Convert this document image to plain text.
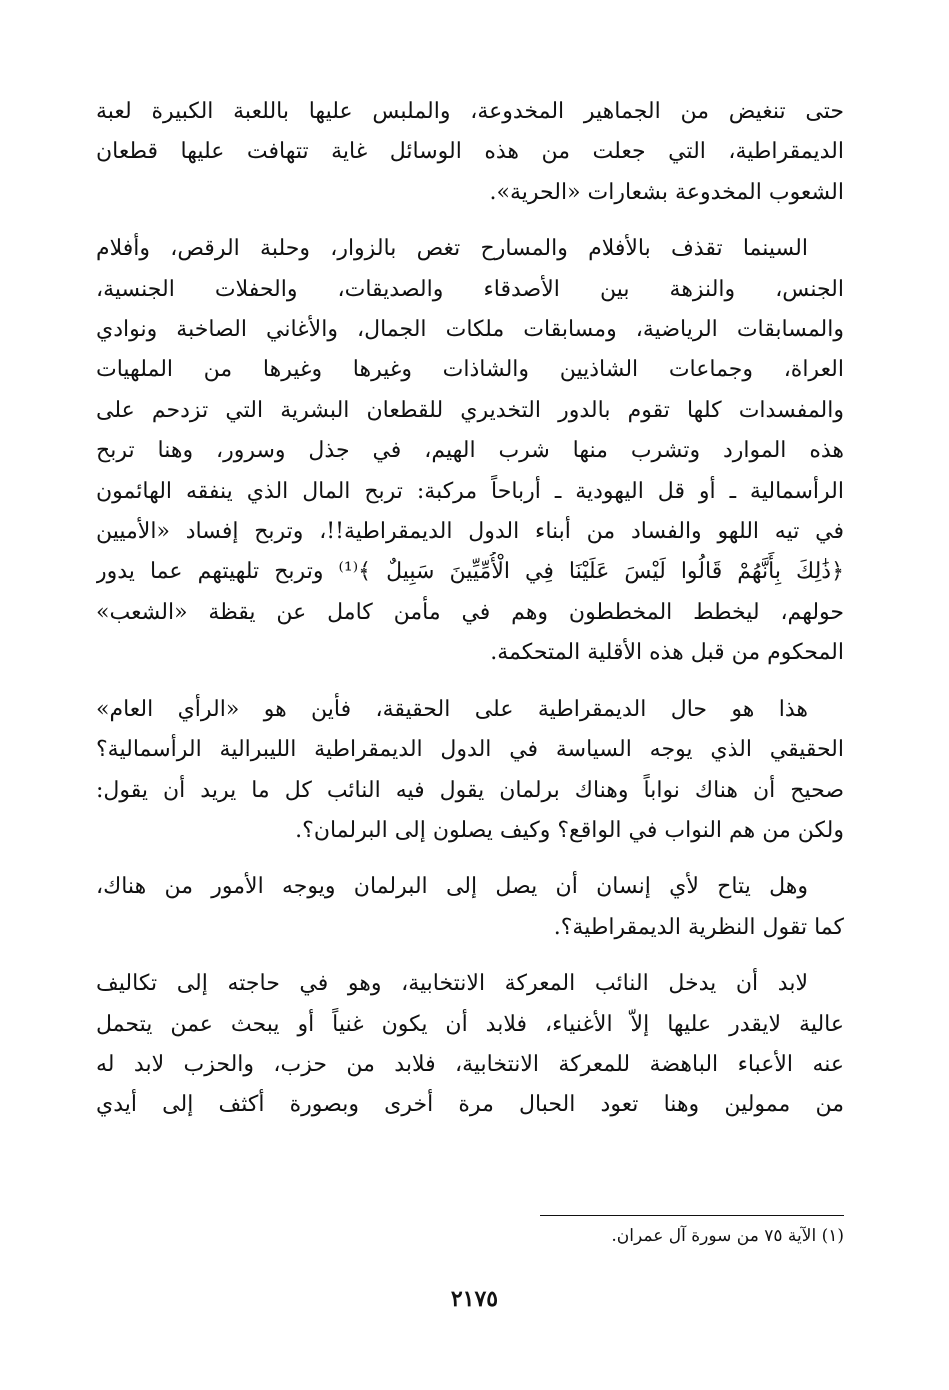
حتى تنغيض من الجماهير المخدوعة، والملبس عليها باللعبة الكبيرة لعبة
الديمقراطية، التي جعلت من هذه الوسائل غاية تتهافت عليها قطعان
الشعوب المخدوعة بشعارات «الحرية».

السينما تقذف بالأفلام والمسارح تغص بالزوار، وحلبة الرقص، وأفلام
الجنس، والنزهة بين الأصدقاء والصديقات، والحفلات الجنسية،
والمسابقات الرياضية، ومسابقات ملكات الجمال، والأغاني الصاخبة ونوادي
العراة، وجماعات الشاذيين والشاذات وغيرها وغيرها من الملهيات
والمفسدات كلها تقوم بالدور التخديري للقطعان البشرية التي تزدحم على
هذه الموارد وتشرب منها شرب الهيم، في جذل وسرور، وهنا تربح
الرأسمالية ـ أو قل اليهودية ـ أرباحاً مركبة: تربح المال الذي ينفقه الهائمون
في تيه اللهو والفساد من أبناء الدول الديمقراطية!!، وتربح إفساد «الأميين
﴿ذَٰلِكَ بِأَنَّهُمْ قَالُوا لَيْسَ عَلَيْنَا فِي الْأُمِّيِّينَ سَبِيلٌ ﴾⁽¹⁾ وتربح تلهيتهم عما يدور
حولهم، ليخطط المخططون وهم في مأمن كامل عن يقظة «الشعب»
المحكوم من قبل هذه الأقلية المتحكمة.

هذا هو حال الديمقراطية على الحقيقة، فأين هو «الرأي العام»
الحقيقي الذي يوجه السياسة في الدول الديمقراطية الليبرالية الرأسمالية؟
صحيح أن هناك نواباً وهناك برلمان يقول فيه النائب كل ما يريد أن يقول:
ولكن من هم النواب في الواقع؟ وكيف يصلون إلى البرلمان؟.

وهل يتاح لأي إنسان أن يصل إلى البرلمان ويوجه الأمور من هناك،
كما تقول النظرية الديمقراطية؟.

لابد أن يدخل النائب المعركة الانتخابية، وهو في حاجته إلى تكاليف
عالية لايقدر عليها إلاّ الأغنياء، فلابد أن يكون غنياً أو يبحث عمن يتحمل
عنه الأعباء الباهضة للمعركة الانتخابية، فلابد من حزب، والحزب لابد له
من ممولين وهنا تعود الحبال مرة أخرى وبصورة أكثف إلى أيدي

(١) الآية ٧٥ من سورة آل عمران.
٢١٧٥
